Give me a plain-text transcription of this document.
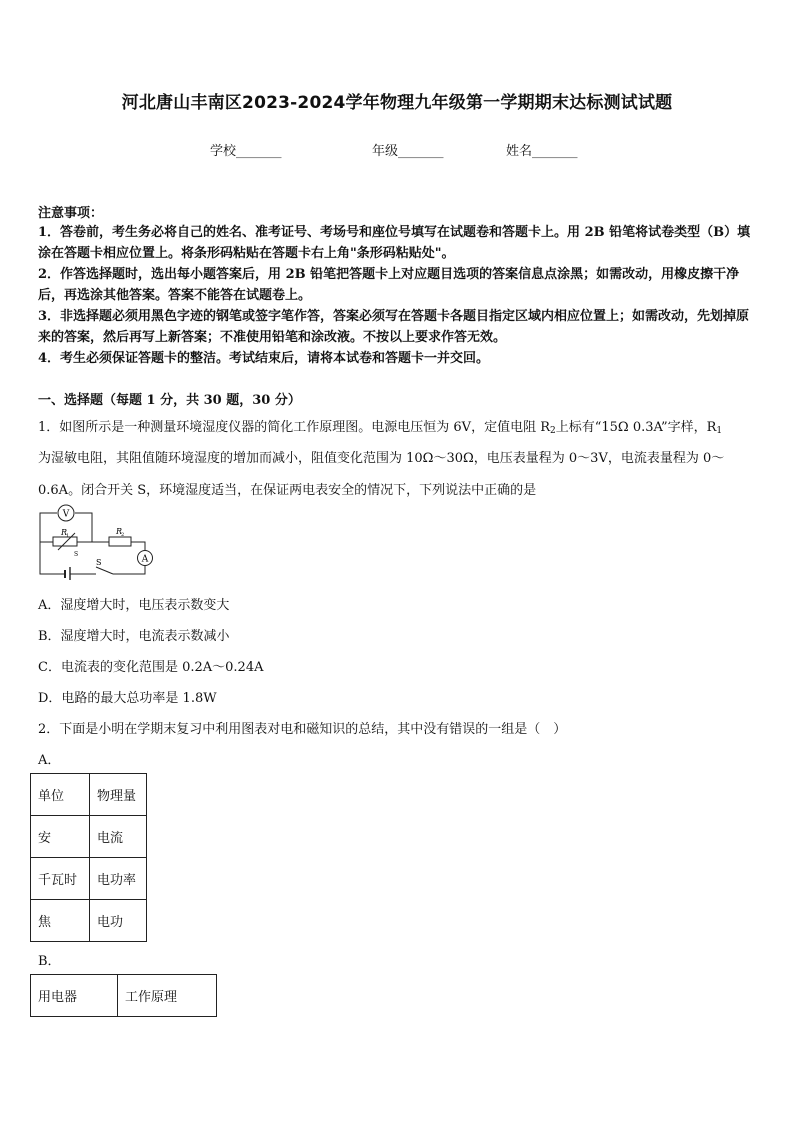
河北唐山丰南区2023-2024学年物理九年级第一学期期末达标测试试题
学校_______	年级_______	姓名_______
注意事项：
1．答卷前，考生务必将自己的姓名、准考证号、考场号和座位号填写在试题卷和答题卡上。用 2B 铅笔将试卷类型（B）填涂在答题卡相应位置上。将条形码粘贴在答题卡右上角"条形码粘贴处"。
2．作答选择题时，选出每小题答案后，用 2B 铅笔把答题卡上对应题目选项的答案信息点涂黑；如需改动，用橡皮擦干净后，再选涂其他答案。答案不能答在试题卷上。
3．非选择题必须用黑色字迹的钢笔或签字笔作答，答案必须写在答题卡各题目指定区域内相应位置上；如需改动，先划掉原来的答案，然后再写上新答案；不准使用铅笔和涂改液。不按以上要求作答无效。
4．考生必须保证答题卡的整洁。考试结束后，请将本试卷和答题卡一并交回。
一、选择题（每题 1 分，共 30 题，30 分）
1．如图所示是一种测量环境湿度仪器的简化工作原理图。电源电压恒为 6V，定值电阻 $R_2$上标有“15Ω 0.3A”字样，$R_1$
为湿敏电阻，其阻值随环境湿度的增加而减小，阻值变化范围为 10Ω～30Ω，电压表量程为 0～3V，电流表量程为 0～
0.6A。闭合开关 S，环境湿度适当，在保证两电表安全的情况下，下列说法中正确的是
V
A
R
1	R
2
S
S
A．湿度增大时，电压表示数变大
B．湿度增大时，电流表示数减小
C．电流表的变化范围是 0.2A～0.24A
D．电路的最大总功率是 1.8W
2．下面是小明在学期末复习中利用图表对电和磁知识的总结，其中没有错误的一组是（　）
A．
单位	物理量
安	电流
千瓦时	电功率
焦	电功
B．
用电器	工作原理
